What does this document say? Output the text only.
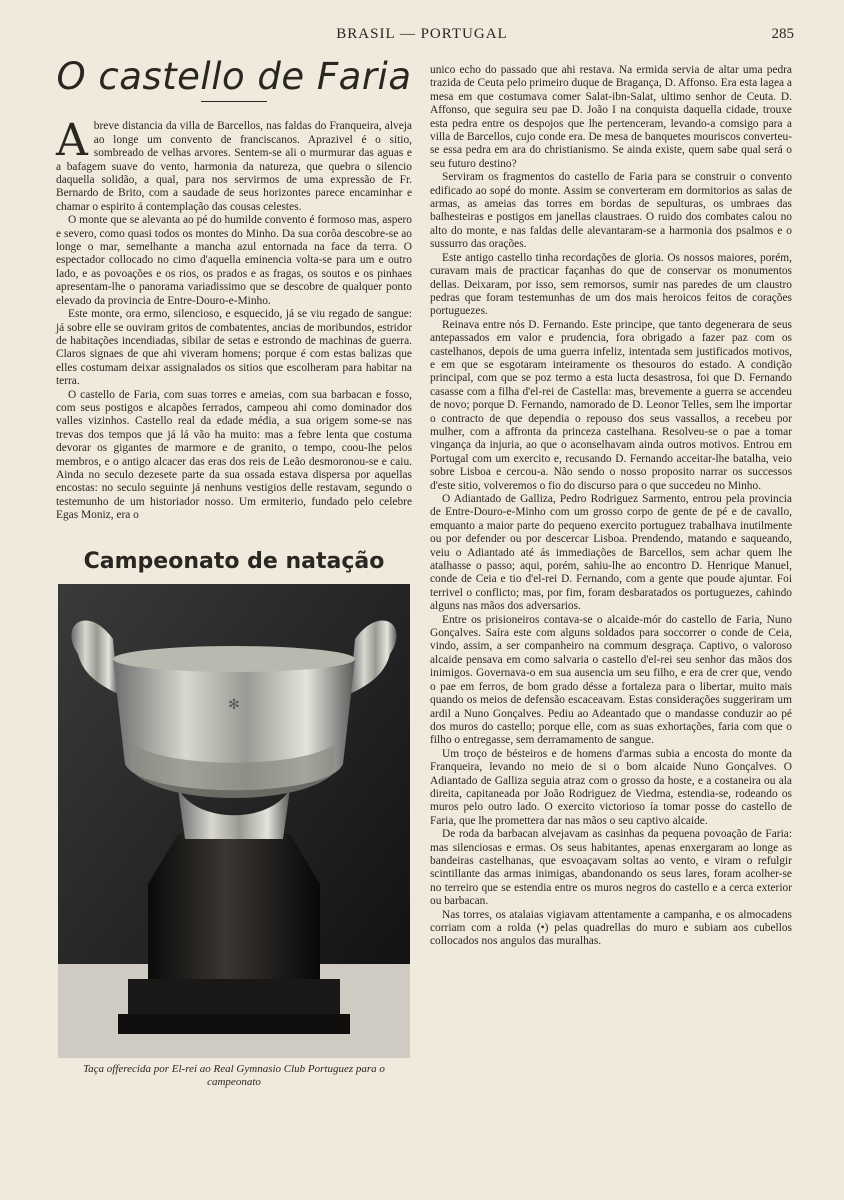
BRASIL — PORTUGAL	285
O castello de Faria

Abreve distancia da villa de Barcellos, nas faldas do Franqueira, alveja ao longe um convento de franciscanos. Aprazivel é o sitio, sombreado de velhas arvores. Sentem-se ali o murmurar das aguas e a bafagem suave do vento, harmonia da natureza, que quebra o silencio daquella solidão, a qual, para nos servirmos de uma expressão de Fr. Bernardo de Brito, com a saudade de seus horizontes parece encaminhar e chamar o espirito á contemplação das cousas celestes.

O monte que se alevanta ao pé do humilde convento é formoso mas, aspero e severo, como quasi todos os montes do Minho. Da sua corôa descobre-se ao longe o mar, semelhante a mancha azul entornada na face da terra. O espectador collocado no cimo d'aquella eminencia volta-se para um e outro lado, e as povoações e os rios, os prados e as fragas, os soutos e os pinhaes apresentam-lhe o panorama variadissimo que se descobre de qualquer ponto elevado da provincia de Entre-Douro-e-Minho.

Este monte, ora ermo, silencioso, e esquecido, já se viu regado de sangue: já sobre elle se ouviram gritos de combatentes, ancias de moribundos, estridor de habitações incendiadas, sibilar de setas e estrondo de machinas de guerra. Claros signaes de que ahi viveram homens; porque é com estas balizas que elles costumam deixar assignalados os sitios que escolheram para habitar na terra.

O castello de Faria, com suas torres e ameias, com sua barbacan e fosso, com seus postigos e alcapões ferrados, campeou ahi como dominador dos valles vizinhos. Castello real da edade média, a sua origem some-se nas trevas dos tempos que já lá vão ha muito: mas a febre lenta que costuma devorar os gigantes de marmore e de granito, o tempo, coou-lhe pelos membros, e o antigo alcacer das eras dos reis de Leão desmoronou-se e caiu. Ainda no seculo dezesete parte da sua ossada estava dispersa por aquellas encostas: no seculo seguinte já nenhuns vestigios delle restavam, segundo o testemunho de um historiador nosso. Um ermiterio, fundado pelo celebre Egas Moniz, era o

Campeonato de natação
✻
Taça offerecida por El-rei ao Real Gymnasio Club Portuguez para o campeonato

unico echo do passado que ahi restava. Na ermida servia de altar uma pedra trazida de Ceuta pelo primeiro duque de Bragança, D. Affonso. Era esta lagea a mesa em que costumava comer Salat-ibn-Salat, ultimo senhor de Ceuta. D. Affonso, que seguira seu pae D. João I na conquista daquella cidade, trouxe esta pedra entre os despojos que lhe pertenceram, levando-a comsigo para a villa de Barcellos, cujo conde era. De mesa de banquetes mouriscos converteu-se essa pedra em ara do christianismo. Se ainda existe, quem sabe qual será o seu futuro destino?

Serviram os fragmentos do castello de Faria para se construir o convento edificado ao sopé do monte. Assim se converteram em dormitorios as salas de armas, as ameias das torres em bordas de sepulturas, os umbraes das balhesteiras e postigos em janellas claustraes. O ruido dos combates calou no alto do monte, e nas faldas delle alevantaram-se a harmonia dos psalmos e o sussurro das orações.

Este antigo castello tinha recordações de gloria. Os nossos maiores, porém, curavam mais de practicar façanhas do que de conservar os monumentos dellas. Deixaram, por isso, sem remorsos, sumir nas paredes de um claustro pedras que foram testemunhas de um dos mais heroicos feitos de corações portuguezes.

Reinava entre nós D. Fernando. Este principe, que tanto degenerara de seus antepassados em valor e prudencia, fora obrigado a fazer paz com os castelhanos, depois de uma guerra infeliz, intentada sem justificados motivos, e em que se esgotaram inteiramente os thesouros do estado. A condição principal, com que se poz termo a esta lucta desastrosa, foi que D. Fernando casasse com a filha d'el-rei de Castella: mas, brevemente a guerra se accendeu de novo; porque D. Fernando, namorado de D. Leonor Telles, sem lhe importar o contracto de que dependia o repouso dos seus vassallos, a recebeu por mulher, com a affronta da princeza castelhana. Resolveu-se o pae a tomar vingança da injuria, ao que o aconselhavam ainda outros motivos. Entrou em Portugal com um exercito e, recusando D. Fernando acceitar-lhe batalha, veio sobre Lisboa e cercou-a. Não sendo o nosso proposito narrar os successos d'este sitio, volveremos o fio do discurso para o que succedeu no Minho.

O Adiantado de Galliza, Pedro Rodriguez Sarmento, entrou pela provincia de Entre-Douro-e-Minho com um grosso corpo de gente de pé e de cavallo, emquanto a maior parte do pequeno exercito portuguez trabalhava inutilmente ou por defender ou por descercar Lisboa. Prendendo, matando e saqueando, veiu o Adiantado até ás immediações de Barcellos, sem achar quem lhe atalhasse o passo; aqui, porém, sahiu-lhe ao encontro D. Henrique Manuel, conde de Ceia e tio d'el-rei D. Fernando, com a gente que poude ajuntar. Foi terrivel o conflicto; mas, por fim, foram desbaratados os portuguezes, cahindo alguns nas mãos dos adversarios.

Entre os prisioneiros contava-se o alcaide-mór do castello de Faria, Nuno Gonçalves. Saíra este com alguns soldados para soccorrer o conde de Ceia, vindo, assim, a ser companheiro na commum desgraça. Captivo, o valoroso alcaide pensava em como salvaria o castello d'el-rei seu senhor das mãos dos inimigos. Governava-o em sua ausencia um seu filho, e era de crer que, vendo o pae em ferros, de bom grado désse a fortaleza para o libertar, muito mais quando os meios de defensão escaceavam. Estas considerações suggeriram um ardil a Nuno Gonçalves. Pediu ao Adeantado que o mandasse conduzir ao pé dos muros do castello; porque elle, com as suas exhortações, faria com que o filho o entregasse, sem derramamento de sangue.

Um troço de bésteiros e de homens d'armas subia a encosta do monte da Franqueira, levando no meio de si o bom alcaide Nuno Gonçalves. O Adiantado de Galliza seguia atraz com o grosso da hoste, e a costaneira ou ala direita, capitaneada por João Rodriguez de Viedma, estendia-se, rodeando os muros pelo outro lado. O exercito victorioso ía tomar posse do castello de Faria, que lhe promettera dar nas mãos o seu captivo alcaide.

De roda da barbacan alvejavam as casinhas da pequena povoação de Faria: mas silenciosas e ermas. Os seus habitantes, apenas enxergaram ao longe as bandeiras castelhanas, que esvoaçavam soltas ao vento, e viram o refulgir scintillante das armas inimigas, abandonando os seus lares, foram acolher-se no terreiro que se estendia entre os muros negros do castello e a cerca exterior ou barbacan.

Nas torres, os atalaias vigiavam attentamente a campanha, e os almocadens corriam com a rolda (•) pelas quadrellas do muro e subiam aos cubellos collocados nos angulos das muralhas.
